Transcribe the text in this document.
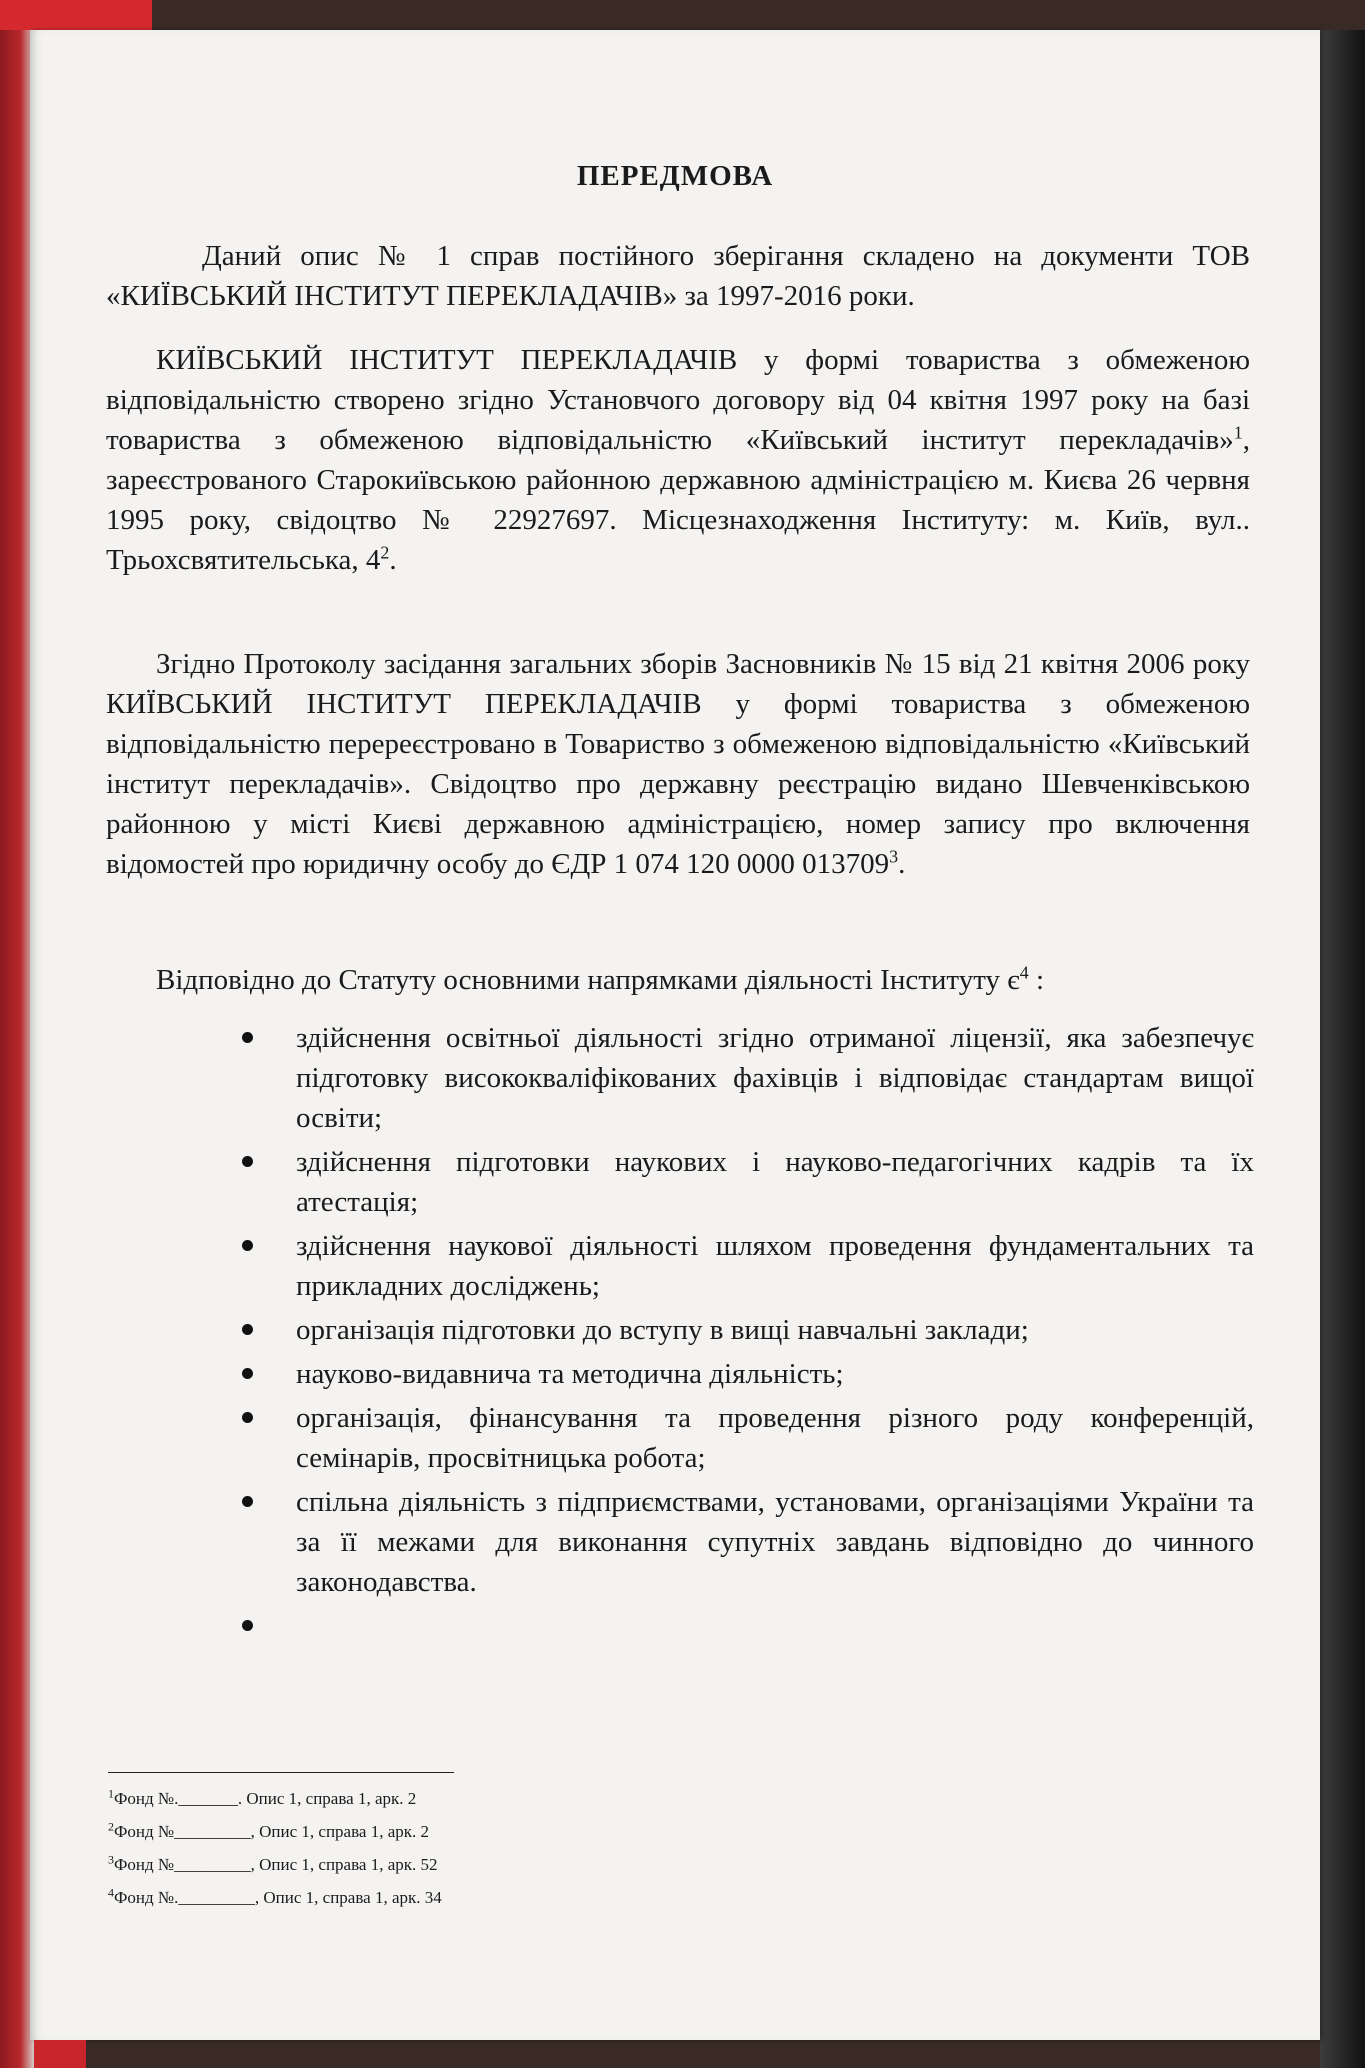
ПЕРЕДМОВА
Даний опис № 1 справ постійного зберігання складено на документи ТОВ «КИЇВСЬКИЙ ІНСТИТУТ ПЕРЕКЛАДАЧІВ» за 1997-2016 роки.
КИЇВСЬКИЙ ІНСТИТУТ ПЕРЕКЛАДАЧІВ у формі товариства з обмеженою відповідальністю створено згідно Установчого договору від 04 квітня 1997 року на базі товариства з обмеженою відповідальністю «Київський інститут перекладачів»$^1$, зареєстрованого Старокиївською районною державною адміністрацією м. Києва 26 червня 1995 року, свідоцтво № 22927697. Місцезнаходження Інституту: м. Київ, вул.. Трьохсвятительська, $4^2$.
Згідно Протоколу засідання загальних зборів Засновників № 15 від 21 квітня 2006 року КИЇВСЬКИЙ ІНСТИТУТ ПЕРЕКЛАДАЧІВ у формі товариства з обмеженою відповідальністю перереєстровано в Товариство з обмеженою відповідальністю «Київський інститут перекладачів». Свідоцтво про державну реєстрацію видано Шевченківською районною у місті Києві державною адміністрацією, номер запису про включення відомостей про юридичну особу до ЄДР 1 074 120 0000 013709$^3$.
Відповідно до Статуту основними напрямками діяльності Інституту $є^4$ :
здійснення освітньої діяльності згідно отриманої ліцензії, яка забезпечує підготовку висококваліфікованих фахівців і відповідає стандартам вищої освіти;
здійснення підготовки наукових і науково-педагогічних кадрів та їх атестація;
здійснення наукової діяльності шляхом проведення фундаментальних та прикладних досліджень;
організація підготовки до вступу в вищі навчальні заклади;
науково-видавнича та методична діяльність;
організація, фінансування та проведення різного роду конференцій, семінарів, просвітницька робота;
спільна діяльність з підприємствами, установами, організаціями України та за її межами для виконання супутніх завдань відповідно до чинного законодавства.
$^1$Фонд №._______. Опис 1, справа 1, арк. 2
$^2$Фонд №_________, Опис 1, справа 1, арк. 2
$^3$Фонд №_________, Опис 1, справа 1, арк. 52
$^4$Фонд №._________, Опис 1, справа 1, арк. 34
